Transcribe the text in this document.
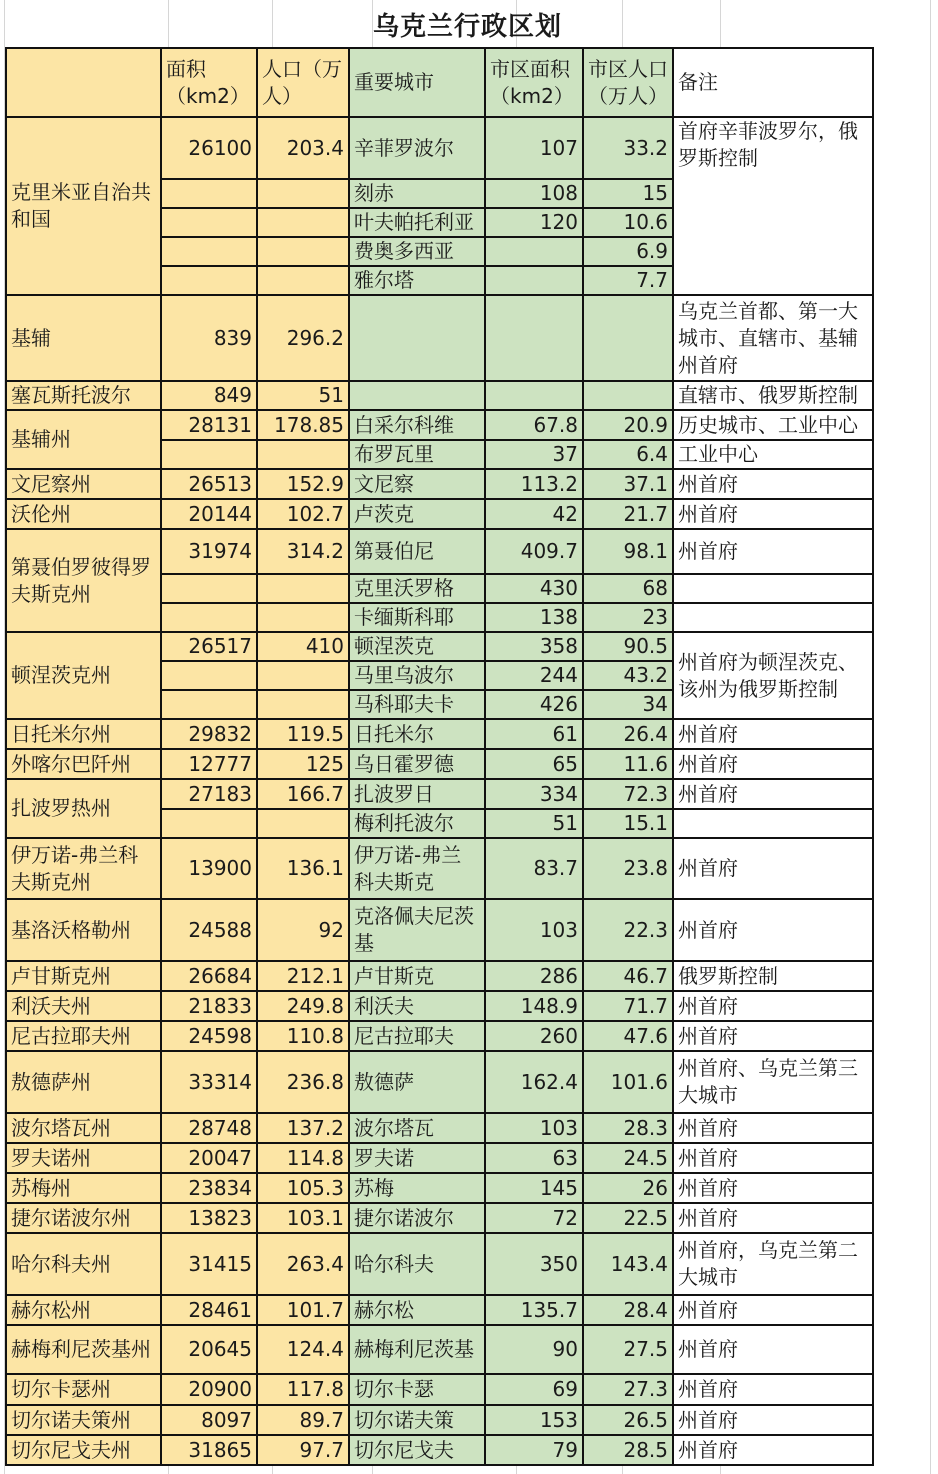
乌克兰行政区划
	面积（km2）	人口（万人）	重要城市	市区面积（km2）	市区人口（万人）	备注
克里米亚自治共和国	26100	203.4	辛菲罗波尔	107	33.2	首府辛菲波罗尔，俄罗斯控制
			刻赤	108	15	
			叶夫帕托利亚	120	10.6	
			费奥多西亚		6.9	
			雅尔塔		7.7	
基辅	839	296.2				乌克兰首都、第一大城市、直辖市、基辅州首府
塞瓦斯托波尔	849	51				直辖市、俄罗斯控制
基辅州	28131	178.85	白采尔科维	67.8	20.9	历史城市、工业中心
			布罗瓦里	37	6.4	工业中心
文尼察州	26513	152.9	文尼察	113.2	37.1	州首府
沃伦州	20144	102.7	卢茨克	42	21.7	州首府
第聂伯罗彼得罗夫斯克州	31974	314.2	第聂伯尼	409.7	98.1	州首府
			克里沃罗格	430	68	
			卡缅斯科耶	138	23	
顿涅茨克州	26517	410	顿涅茨克	358	90.5	州首府为顿涅茨克、该州为俄罗斯控制
			马里乌波尔	244	43.2	
			马科耶夫卡	426	34	
日托米尔州	29832	119.5	日托米尔	61	26.4	州首府
外喀尔巴阡州	12777	125	乌日霍罗德	65	11.6	州首府
扎波罗热州	27183	166.7	扎波罗日	334	72.3	州首府
			梅利托波尔	51	15.1	
伊万诺-弗兰科夫斯克州	13900	136.1	伊万诺-弗兰科夫斯克	83.7	23.8	州首府
基洛沃格勒州	24588	92	克洛佩夫尼茨基	103	22.3	州首府
卢甘斯克州	26684	212.1	卢甘斯克	286	46.7	俄罗斯控制
利沃夫州	21833	249.8	利沃夫	148.9	71.7	州首府
尼古拉耶夫州	24598	110.8	尼古拉耶夫	260	47.6	州首府
敖德萨州	33314	236.8	敖德萨	162.4	101.6	州首府、乌克兰第三大城市
波尔塔瓦州	28748	137.2	波尔塔瓦	103	28.3	州首府
罗夫诺州	20047	114.8	罗夫诺	63	24.5	州首府
苏梅州	23834	105.3	苏梅	145	26	州首府
捷尔诺波尔州	13823	103.1	捷尔诺波尔	72	22.5	州首府
哈尔科夫州	31415	263.4	哈尔科夫	350	143.4	州首府，乌克兰第二大城市
赫尔松州	28461	101.7	赫尔松	135.7	28.4	州首府
赫梅利尼茨基州	20645	124.4	赫梅利尼茨基	90	27.5	州首府
切尔卡瑟州	20900	117.8	切尔卡瑟	69	27.3	州首府
切尔诺夫策州	8097	89.7	切尔诺夫策	153	26.5	州首府
切尔尼戈夫州	31865	97.7	切尔尼戈夫	79	28.5	州首府
